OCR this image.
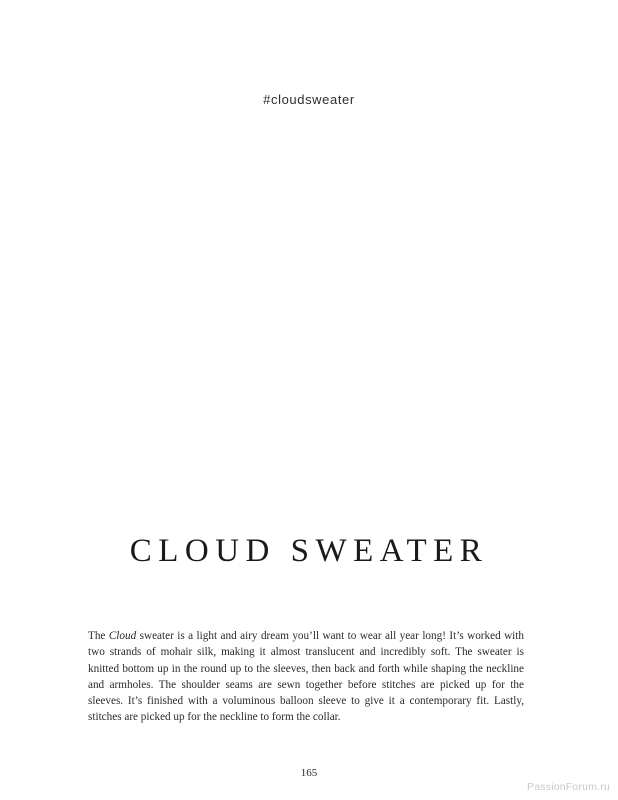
#cloudsweater
CLOUD SWEATER

The Cloud sweater is a light and airy dream you’ll want to wear all year long! It’s worked with two strands of mohair silk, making it almost translucent and incredibly soft. The sweater is knitted bottom up in the round up to the sleeves, then back and forth while shaping the neckline and armholes. The shoulder seams are sewn together before stitches are picked up for the sleeves. It’s finished with a voluminous balloon sleeve to give it a contemporary fit. Lastly, stitches are picked up for the neckline to form the collar.

165
PassionForum.ru
